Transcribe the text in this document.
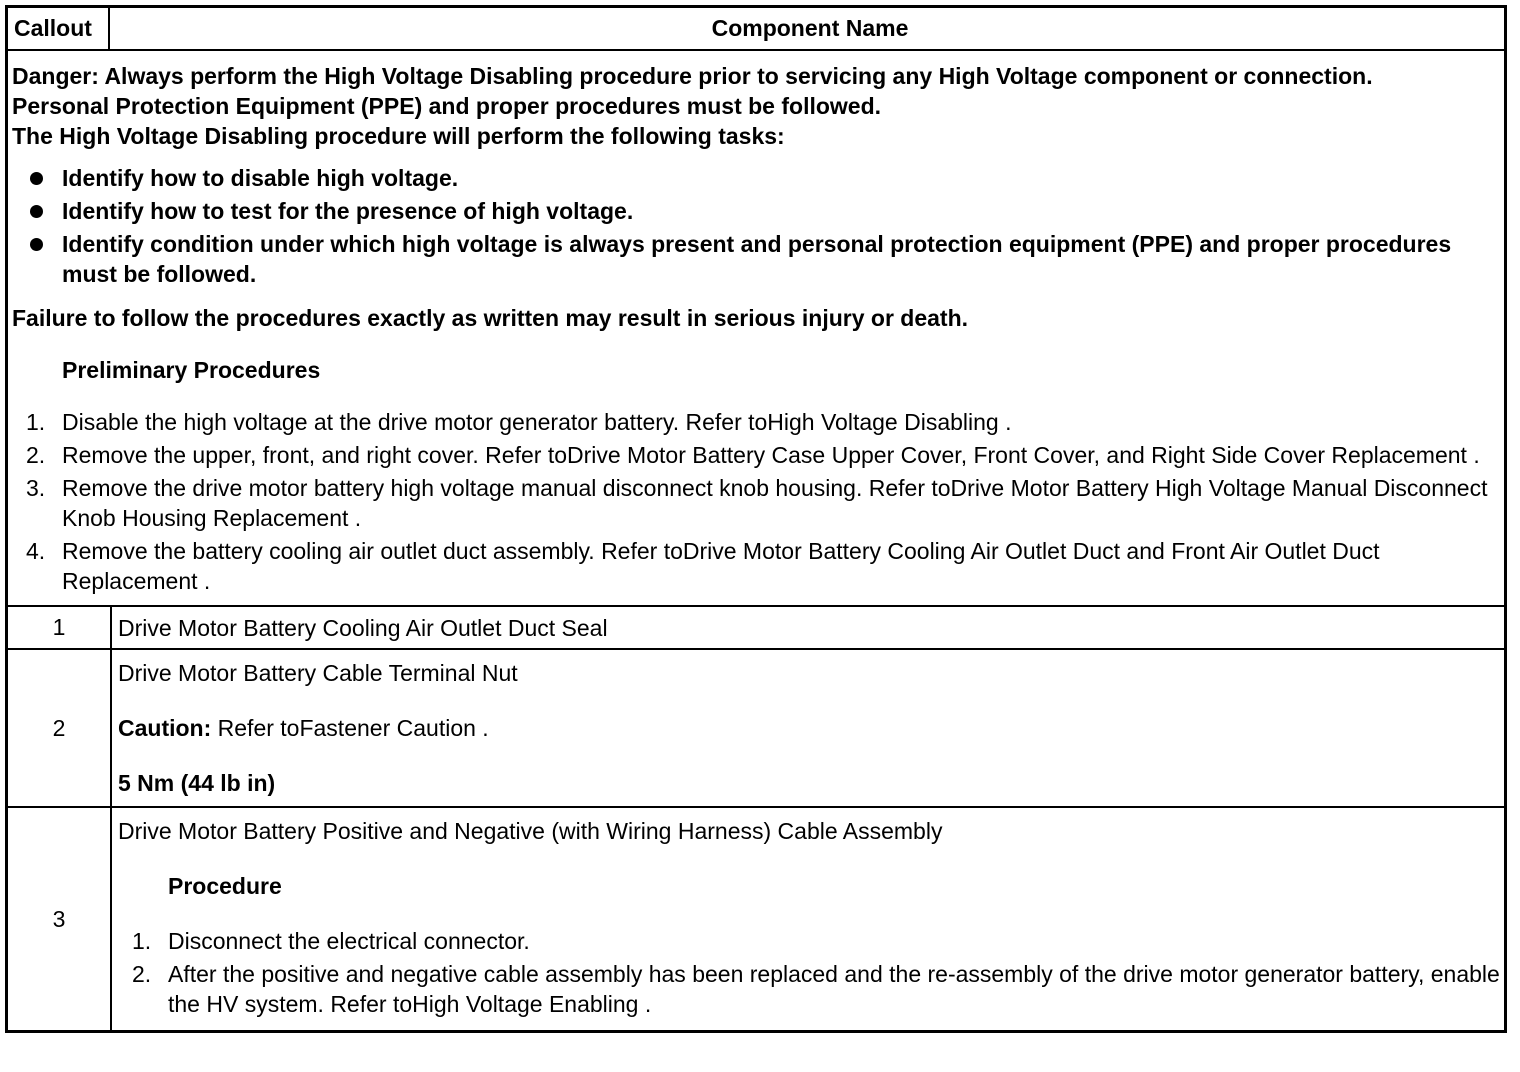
Callout	Component Name
Danger: Always perform the High Voltage Disabling procedure prior to servicing any High Voltage component or connection.
Personal Protection Equipment (PPE) and proper procedures must be followed.
The High Voltage Disabling procedure will perform the following tasks:
Identify how to disable high voltage.
Identify how to test for the presence of high voltage.
Identify condition under which high voltage is always present and personal protection equipment (PPE) and proper procedures must be followed.
Failure to follow the procedures exactly as written may result in serious injury or death.
Preliminary Procedures
1. Disable the high voltage at the drive motor generator battery. Refer toHigh Voltage Disabling .
2. Remove the upper, front, and right cover. Refer toDrive Motor Battery Case Upper Cover, Front Cover, and Right Side Cover Replacement .
3. Remove the drive motor battery high voltage manual disconnect knob housing. Refer toDrive Motor Battery High Voltage Manual Disconnect Knob Housing Replacement .
4. Remove the battery cooling air outlet duct assembly. Refer toDrive Motor Battery Cooling Air Outlet Duct and Front Air Outlet Duct Replacement .
1	Drive Motor Battery Cooling Air Outlet Duct Seal
2

Drive Motor Battery Cable Terminal Nut

Caution: Refer toFastener Caution .

5 Nm (44 lb in)

3

Drive Motor Battery Positive and Negative (with Wiring Harness) Cable Assembly

Procedure
1. Disconnect the electrical connector.
2. After the positive and negative cable assembly has been replaced and the re-assembly of the drive motor generator battery, enable the HV system. Refer toHigh Voltage Enabling .
